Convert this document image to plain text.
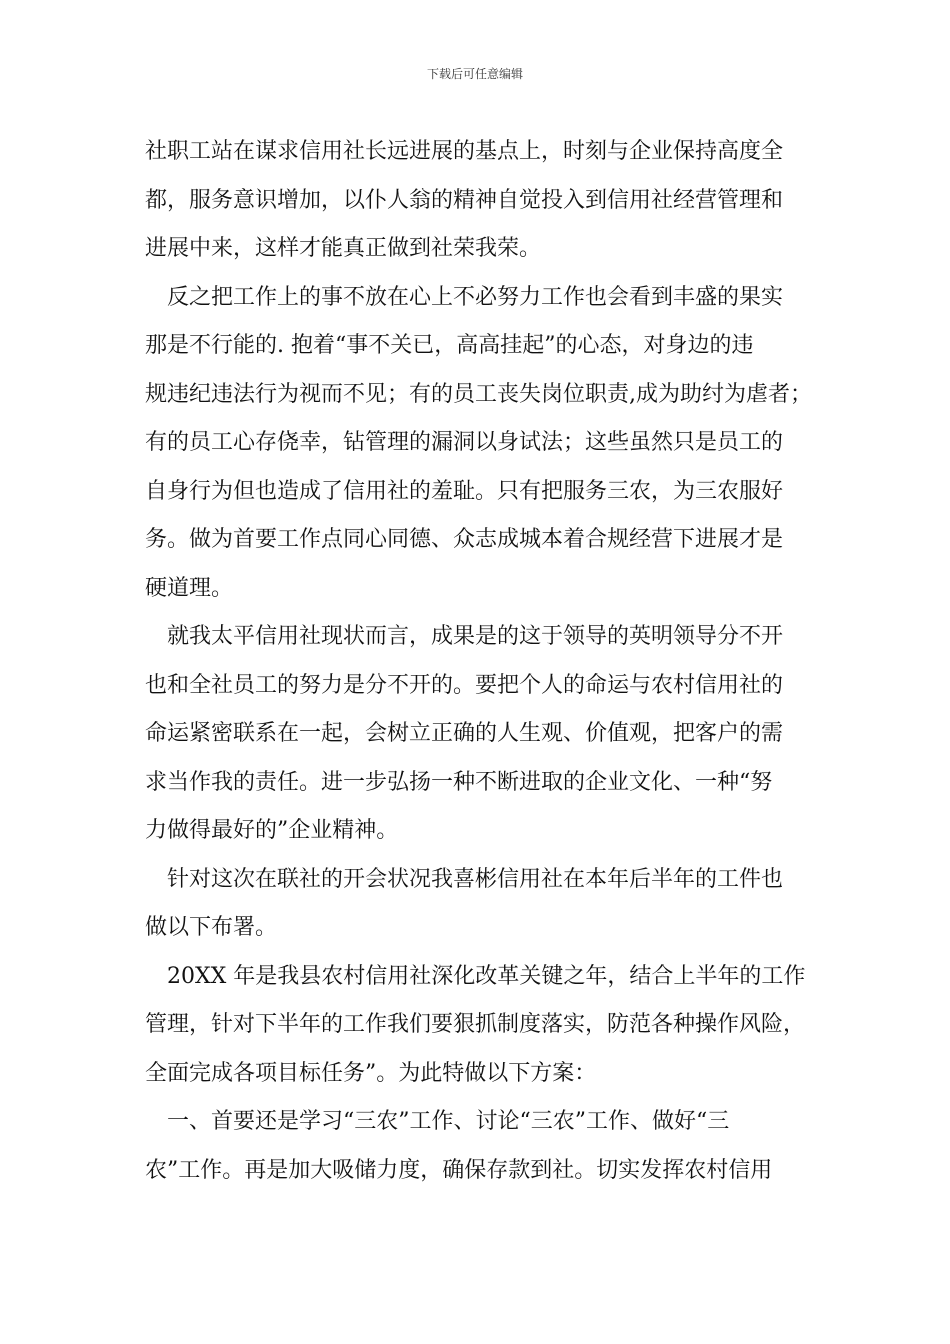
下载后可任意编辑
社职工站在谋求信用社长远进展的基点上，时刻与企业保持高度全
都，服务意识增加，以仆人翁的精神自觉投入到信用社经营管理和
进展中来，这样才能真正做到社荣我荣。
反之把工作上的事不放在心上不必努力工作也会看到丰盛的果实
那是不行能的. 抱着“事不关已，高高挂起”的心态，对身边的违
规违纪违法行为视而不见；有的员工丧失岗位职责,成为助纣为虐者；
有的员工心存侥幸，钻管理的漏洞以身试法；这些虽然只是员工的
自身行为但也造成了信用社的羞耻。只有把服务三农，为三农服好
务。做为首要工作点同心同德、众志成城本着合规经营下进展才是
硬道理。
就我太平信用社现状而言，成果是的这于领导的英明领导分不开
也和全社员工的努力是分不开的。要把个人的命运与农村信用社的
命运紧密联系在一起，会树立正确的人生观、价值观，把客户的需
求当作我的责任。进一步弘扬一种不断进取的企业文化、一种“努
力做得最好的”企业精神。
针对这次在联社的开会状况我喜彬信用社在本年后半年的工件也
做以下布署。
20XX 年是我县农村信用社深化改革关键之年，结合上半年的工作
管理，针对下半年的工作我们要狠抓制度落实，防范各种操作风险，
全面完成各项目标任务”。为此特做以下方案：
一、首要还是学习“三农”工作、讨论“三农”工作、做好“三
农”工作。再是加大吸储力度，确保存款到社。切实发挥农村信用
